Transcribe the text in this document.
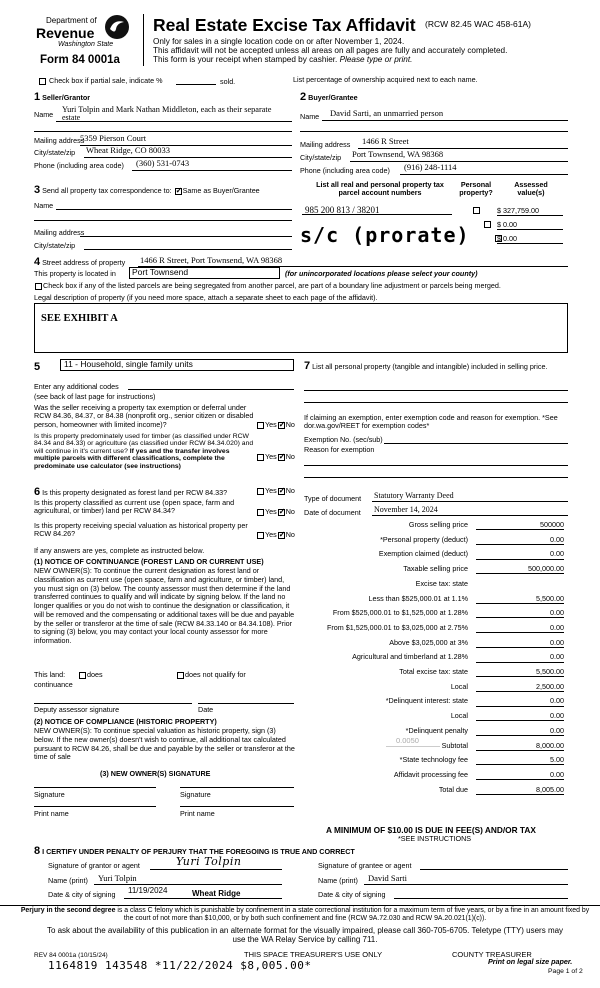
Department of
Revenue
Washington State
Form 84 0001a
Real Estate Excise Tax Affidavit (RCW 82.45 WAC 458-61A)
Only for sales in a single location code on or after November 1, 2024.
This affidavit will not be accepted unless all areas on all pages are fully and accurately completed.
This form is your receipt when stamped by cashier. Please type or print.
Check box if partial sale, indicate %	sold.	List percentage of ownership acquired next to each name.
1 Seller/Grantor
Name
Yuri Tolpin and Mark Nathan Middleton, each as their separate
estate
Mailing address
5359 Pierson Court
City/state/zip Wheat Ridge, CO 80033
Phone (including area code) (360) 531-0743
2 Buyer/Grantee
Name David Sarti, an unmarried person
Mailing address 1466 R Street
City/state/zip Port Townsend, WA 98368
Phone (including area code) (916) 248-1114
3 Send all property tax correspondence to: ✓ Same as Buyer/Grantee
Name
Mailing address
City/state/zip
List all real and personal property tax parcel account numbers
Personal property?
Assessed value(s)
985 200 813 / 38201
	$ 327,759.00

$ 0.00
$ 0.00
s/c (prorate)
4 Street address of property 1466 R Street, Port Townsend, WA 98368
This property is located in	Port Townsend	(for unincorporated locations please select your county)
Check box if any of the listed parcels are being segregated from another parcel, are part of a boundary line adjustment or parcels being merged.
Legal description of property (if you need more space, attach a separate sheet to each page of the affidavit).
SEE EXHIBIT A
5	11 - Household, single family units
Enter any additional codes
(see back of last page for instructions)
Was the seller receiving a property tax exemption or deferral under RCW 84.36, 84.37, or 84.38 (nonprofit org., senior citizen or disabled person, homeowner with limited income)?	Yes ✓ No
Is this property predominately used for timber (as classified under RCW 84.34 and 84.33) or agriculture (as classified under RCW 84.34.020) and will continue in it's current use? If yes and the transfer involves multiple parcels with different classifications, complete the predominate use calculator (see instructions)
Yes ✓ No
7 List all personal property (tangible and intangible) included in selling price.
If claiming an exemption, enter exemption code and reason for exemption. *See dor.wa.gov/REET for exemption codes*
Exemption No. (sec/sub)
Reason for exemption
6 Is this property designated as forest land per RCW 84.33?	Yes ✓ No
Is this property classified as current use (open space, farm and agricultural, or timber) land per RCW 84.34?	Yes ✓ No
Is this property receiving special valuation as historical property per RCW 84.26?	Yes ✓ No
If any answers are yes, complete as instructed below.
(1) NOTICE OF CONTINUANCE (FOREST LAND OR CURRENT USE)
NEW OWNER(S): To continue the current designation as forest land or classification as current use (open space, farm and agriculture, or timber) land, you must sign on (3) below. The county assessor must then determine if the land transferred continues to qualify and will indicate by signing below. If the land no longer qualifies or you do not wish to continue the designation or classification, it will be removed and the compensating or additional taxes will be due and payable by the seller or transferor at the time of sale (RCW 84.33.140 or 84.34.108). Prior to signing (3) below, you may contact your local county assessor for more information.
This land:	does	does not qualify for
continuance
Deputy assessor signature	Date
(2) NOTICE OF COMPLIANCE (HISTORIC PROPERTY)
NEW OWNER(S): To continue special valuation as historic property, sign (3) below. If the new owner(s) doesn't wish to continue, all additional tax calculated pursuant to RCW 84.26, shall be due and payable by the seller or transferor at the time of sale
(3) NEW OWNER(S) SIGNATURE
Signature	Signature
Print name	Print name
Type of document Statutory Warranty Deed
Date of document November 14, 2024
Gross selling price	500000
*Personal property (deduct)	0.00
Exemption claimed (deduct)	0.00
Taxable selling price	500,000.00
Excise tax: state
Less than $525,000.01 at 1.1%	5,500.00
From $525,000.01 to $1,525,000 at 1.28%	0.00
From $1,525,000.01 to $3,025,000 at 2.75%	0.00
Above $3,025,000 at 3%	0.00
Agricultural and timberland at 1.28%	0.00
Total excise tax: state	5,500.00
Local	2,500.00
*Delinquent interest: state	0.00
Local	0.00
*Delinquent penalty	0.00
Subtotal	8,000.00
*State technology fee	5.00
Affidavit processing fee	0.00
Total due	8,005.00
0.0050
A MINIMUM OF $10.00 IS DUE IN FEE(S) AND/OR TAX
*SEE INSTRUCTIONS
8 I CERTIFY UNDER PENALTY OF PERJURY THAT THE FOREGOING IS TRUE AND CORRECT
Signature of grantor or agent	Yuri Tolpin
Name (print) Yuri Tolpin
Date & city of signing 11/19/2024	Wheat Ridge
Signature of grantee or agent
Name (print) David Sarti
Date & city of signing
Perjury in the second degree is a class C felony which is punishable by confinement in a state correctional institution for a maximum term of five years, or by a fine in an amount fixed by the court of not more than $10,000, or by both such confinement and fine (RCW 9A.72.030 and RCW 9A.20.021(1)(c)).
To ask about the availability of this publication in an alternate format for the visually impaired, please call 360-705-6705. Teletype (TTY) users may use the WA Relay Service by calling 711.
REV 84 0001a (10/15/24)	THIS SPACE TREASURER'S USE ONLY	COUNTY TREASURER
1164819 143548 *11/22/2024 $8,005.00*	Print on legal size paper.
Page 1 of 2
